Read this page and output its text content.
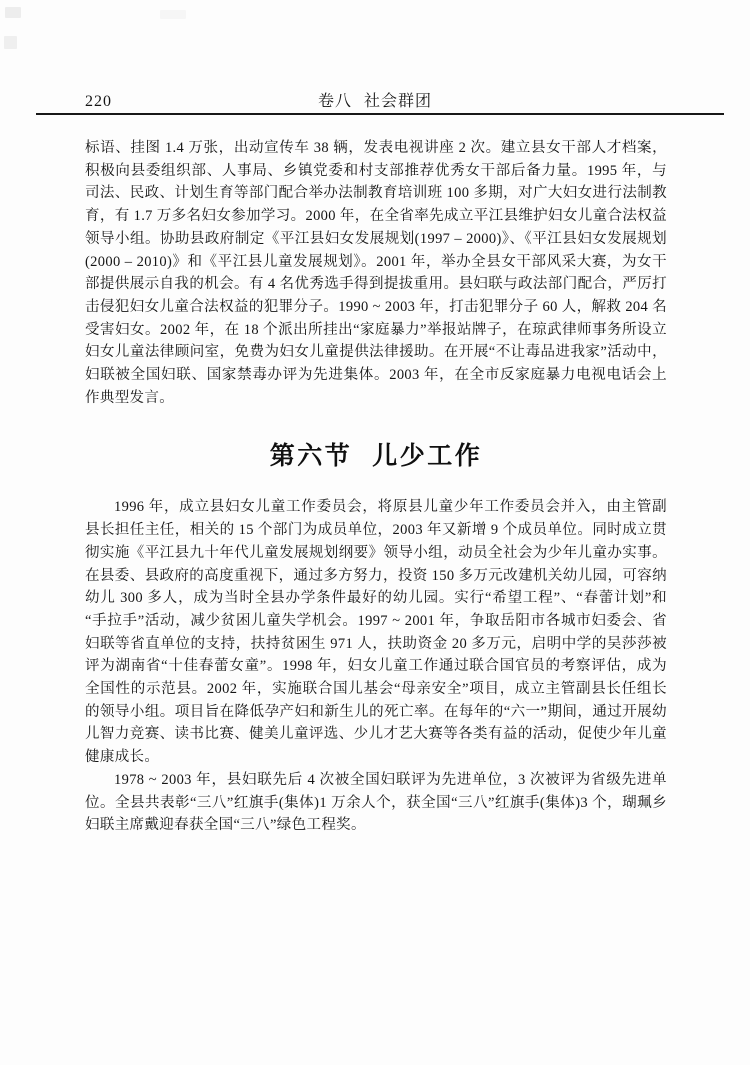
220	卷八 社会群团

标语、挂图 1.4 万张，出动宣传车 38 辆，发表电视讲座 2 次。建立县女干部人才档案，积极向县委组织部、人事局、乡镇党委和村支部推荐优秀女干部后备力量。1995 年，与司法、民政、计划生育等部门配合举办法制教育培训班 100 多期，对广大妇女进行法制教育，有 1.7 万多名妇女参加学习。2000 年，在全省率先成立平江县维护妇女儿童合法权益领导小组。协助县政府制定《平江县妇女发展规划(1997 – 2000)》、《平江县妇女发展规划(2000 – 2010)》和《平江县儿童发展规划》。2001 年，举办全县女干部风采大赛，为女干部提供展示自我的机会。有 4 名优秀选手得到提拔重用。县妇联与政法部门配合，严厉打击侵犯妇女儿童合法权益的犯罪分子。1990 ~ 2003 年，打击犯罪分子 60 人，解救 204 名受害妇女。2002 年，在 18 个派出所挂出“家庭暴力”举报站牌子，在琼武律师事务所设立妇女儿童法律顾问室，免费为妇女儿童提供法律援助。在开展“不让毒品进我家”活动中，妇联被全国妇联、国家禁毒办评为先进集体。2003 年，在全市反家庭暴力电视电话会上作典型发言。

第六节 儿少工作

1996 年，成立县妇女儿童工作委员会，将原县儿童少年工作委员会并入，由主管副县长担任主任，相关的 15 个部门为成员单位，2003 年又新增 9 个成员单位。同时成立贯彻实施《平江县九十年代儿童发展规划纲要》领导小组，动员全社会为少年儿童办实事。在县委、县政府的高度重视下，通过多方努力，投资 150 多万元改建机关幼儿园，可容纳幼儿 300 多人，成为当时全县办学条件最好的幼儿园。实行“希望工程”、“春蕾计划”和“手拉手”活动，减少贫困儿童失学机会。1997 ~ 2001 年，争取岳阳市各城市妇委会、省妇联等省直单位的支持，扶持贫困生 971 人，扶助资金 20 多万元，启明中学的吴莎莎被评为湖南省“十佳春蕾女童”。1998 年，妇女儿童工作通过联合国官员的考察评估，成为全国性的示范县。2002 年，实施联合国儿基会“母亲安全”项目，成立主管副县长任组长的领导小组。项目旨在降低孕产妇和新生儿的死亡率。在每年的“六一”期间，通过开展幼儿智力竞赛、读书比赛、健美儿童评选、少儿才艺大赛等各类有益的活动，促使少年儿童健康成长。

1978 ~ 2003 年，县妇联先后 4 次被全国妇联评为先进单位，3 次被评为省级先进单位。全县共表彰“三八”红旗手(集体)1 万余人个，获全国“三八”红旗手(集体)3 个，瑚珮乡妇联主席戴迎春获全国“三八”绿色工程奖。
